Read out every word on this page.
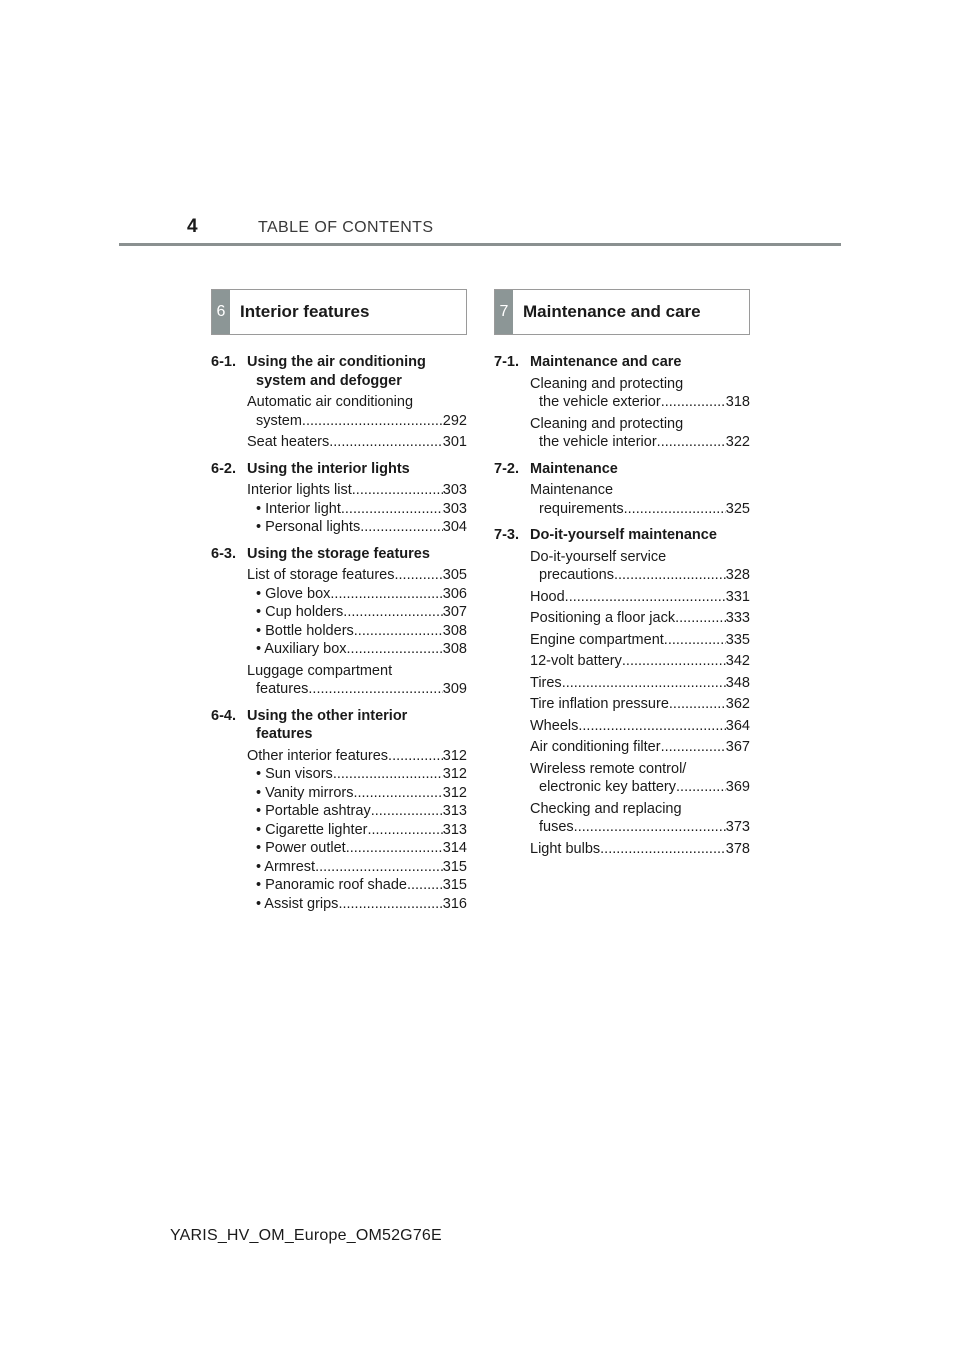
4	TABLE OF CONTENTS
6 Interior features
6-1. Using the air conditioning
system and defogger
Automatic air conditioning
system .....	292
Seat heaters .....	301
6-2. Using the interior lights
Interior lights list .....	303
• Interior light .....	303
• Personal lights .....	304
6-3. Using the storage features
List of storage features .....	305
• Glove box .....	306
• Cup holders .....	307
• Bottle holders .....	308
• Auxiliary box .....	308
Luggage compartment
features .....	309
6-4. Using the other interior
features
Other interior features .....	312
• Sun visors .....	312
• Vanity mirrors .....	312
• Portable ashtray .....	313
• Cigarette lighter .....	313
• Power outlet .....	314
• Armrest .....	315
• Panoramic roof shade ..... 315
• Assist grips .....	316
7 Maintenance and care
7-1. Maintenance and care
Cleaning and protecting
the vehicle exterior .....	318
Cleaning and protecting
the vehicle interior .....	322
7-2. Maintenance
Maintenance
requirements .....	325
7-3. Do-it-yourself maintenance
Do-it-yourself service
precautions .....	328
Hood .....	331
Positioning a floor jack .....	333
Engine compartment .....	335
12-volt battery .....	342
Tires .....	348
Tire inflation pressure .....	362
Wheels .....	364
Air conditioning filter .....	367
Wireless remote control/
electronic key battery .....	369
Checking and replacing
fuses .....	373
Light bulbs .....	378
YARIS_HV_OM_Europe_OM52G76E
